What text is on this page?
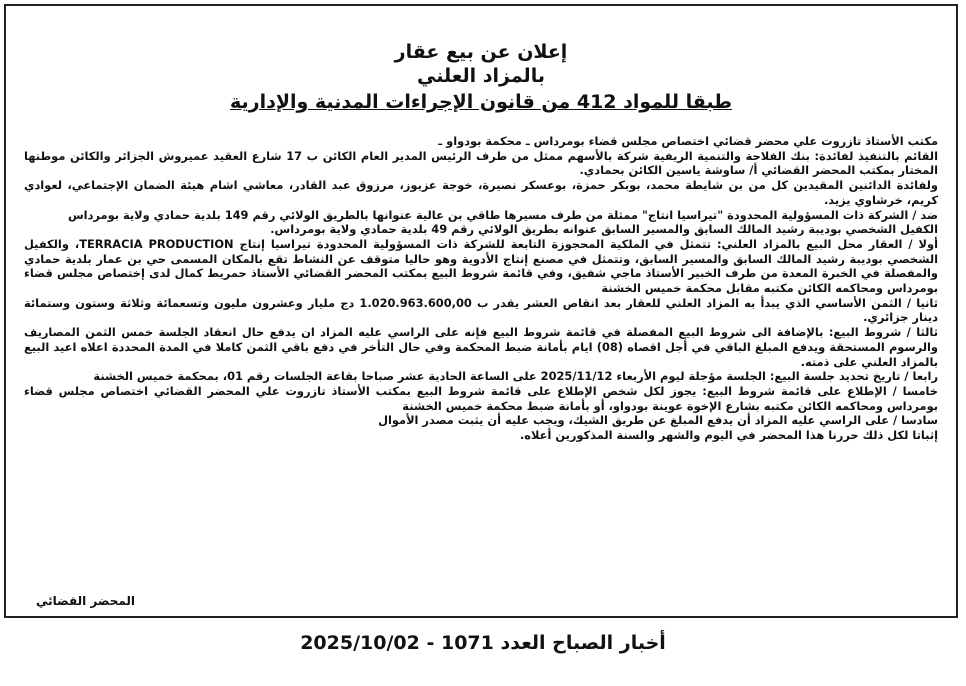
إعلان عن بيع عقار
بالمزاد العلني
طبقا للمواد 412 من قانون الإجراءات المدنية والإدارية

مكتب الأستاذ تازروت علي محضر قضائي اختصاص مجلس قضاء بومرداس ـ محكمة بودواو ـ

القائم بالتنفيذ لفائدة: بنك الفلاحة والتنمية الريفية شركة بالأسهم ممثل من طرف الرئيس المدير العام الكائن ب 17 شارع العقيد عميروش الجزائر والكائن موطنها المختار بمكتب المحضر القضائي أ/ ساوشة ياسين الكائن بحمادي.

ولفائدة الدائنين المقيدين كل من بن شايطة محمد، بوبكر حمزة، بوعسكر نصيرة، خوجة عزيوز، مرزوق عبد القادر، معاشي اشام هيئة الضمان الإجتماعي، لعوادي كريم، خرشاوي يزيد.

ضد / الشركة ذات المسؤولية المحدودة "تيراسيا انتاج" ممثلة من طرف مسيرها طاقي بن عالية عنوانها بالطريق الولائي رقم 149 بلدية حمادي ولاية بومرداس

الكفيل الشخصي بوديبة رشيد المالك السابق والمسير السابق عنوانه بطريق الولائي رقم 49 بلدية حمادي ولاية بومرداس.

أولا / العقار محل البيع بالمزاد العلني: تتمثل في الملكية المحجوزة التابعة للشركة ذات المسؤولية المحدودة تيراسيا إنتاج TERRACIA PRODUCTION، والكفيل الشخصي بوديبة رشيد المالك السابق والمسير السابق، وتتمثل في مصنع إنتاج الأدوية وهو حاليا متوقف عن النشاط تقع بالمكان المسمى حي بن عمار بلدية حمادي والمفصلة في الخبرة المعدة من طرف الخبير الأستاذ ماجي شفيق، وفي قائمة شروط البيع بمكتب المحضر القضائي الأستاذ حمريط كمال لدى إختصاص مجلس قضاء بومرداس ومحاكمه الكائن مكتبه مقابل محكمة خميس الخشنة

ثانيا / الثمن الأساسي الذي يبدأ به المزاد العلني للعقار بعد انقاص العشر يقدر ب 1.020.963.600,00 دج مليار وعشرون مليون وتسعمائة وثلاثة وستون وستمائة دينار جزائري.

ثالثا / شروط البيع: بالإضافة الى شروط البيع المفصلة في قائمة شروط البيع فإنه على الراسي عليه المزاد ان يدفع حال انعقاد الجلسة خمس الثمن المصاريف والرسوم المستحقة ويدفع المبلغ الباقي في أجل اقصاه (08) ايام بأمانة ضبط المحكمة وفي حال التأخر في دفع باقي الثمن كاملا في المدة المحددة اعلاه اعيد البيع بالمزاد العلني على ذمته.

رابعا / تاريخ تحديد جلسة البيع: الجلسة مؤجلة ليوم الأربعاء 2025/11/12 على الساعة الحادية عشر صباحا بقاعة الجلسات رقم 01، بمحكمة خميس الخشنة

خامسا / الإطلاع على قائمة شروط البيع: يجوز لكل شخص الإطلاع على قائمة شروط البيع بمكتب الأستاذ تازروت علي المحضر القضائي اختصاص مجلس قضاء بومرداس ومحاكمه الكائن مكتبه بشارع الإخوة عوينة بودواو، أو بأمانة ضبط محكمة خميس الخشنة

سادسا / على الراسي عليه المزاد أن يدفع المبلغ عن طريق الشيك، ويجب عليه أن يثبت مصدر الأموال

إثباتا لكل ذلك حررنا هذا المحضر في اليوم والشهر والسنة المذكورين أعلاه.

المحضر القضائي
أخبار الصباح العدد 1071 - 2025/10/02
